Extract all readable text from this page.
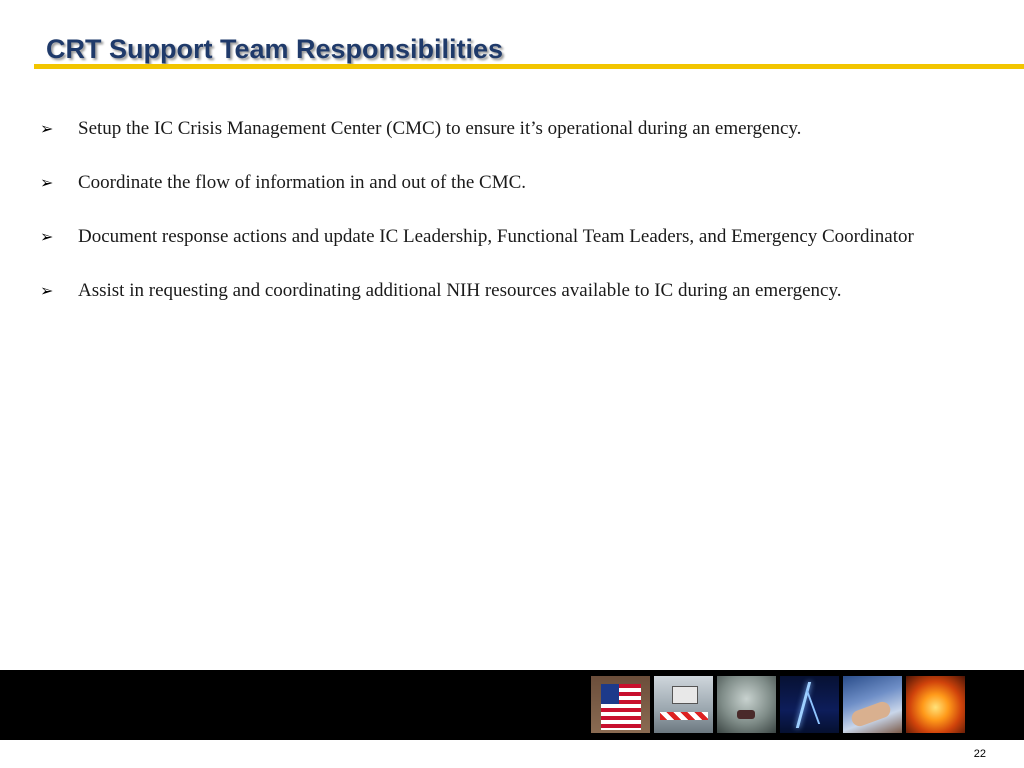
CRT Support Team Responsibilities
➢ Setup the IC Crisis Management Center (CMC) to ensure it’s operational during an emergency.
➢ Coordinate the flow of information in and out of the CMC.
➢ Document response actions and update IC Leadership, Functional Team Leaders, and Emergency Coordinator
➢ Assist in requesting and coordinating additional NIH resources available to IC during an emergency.
22
